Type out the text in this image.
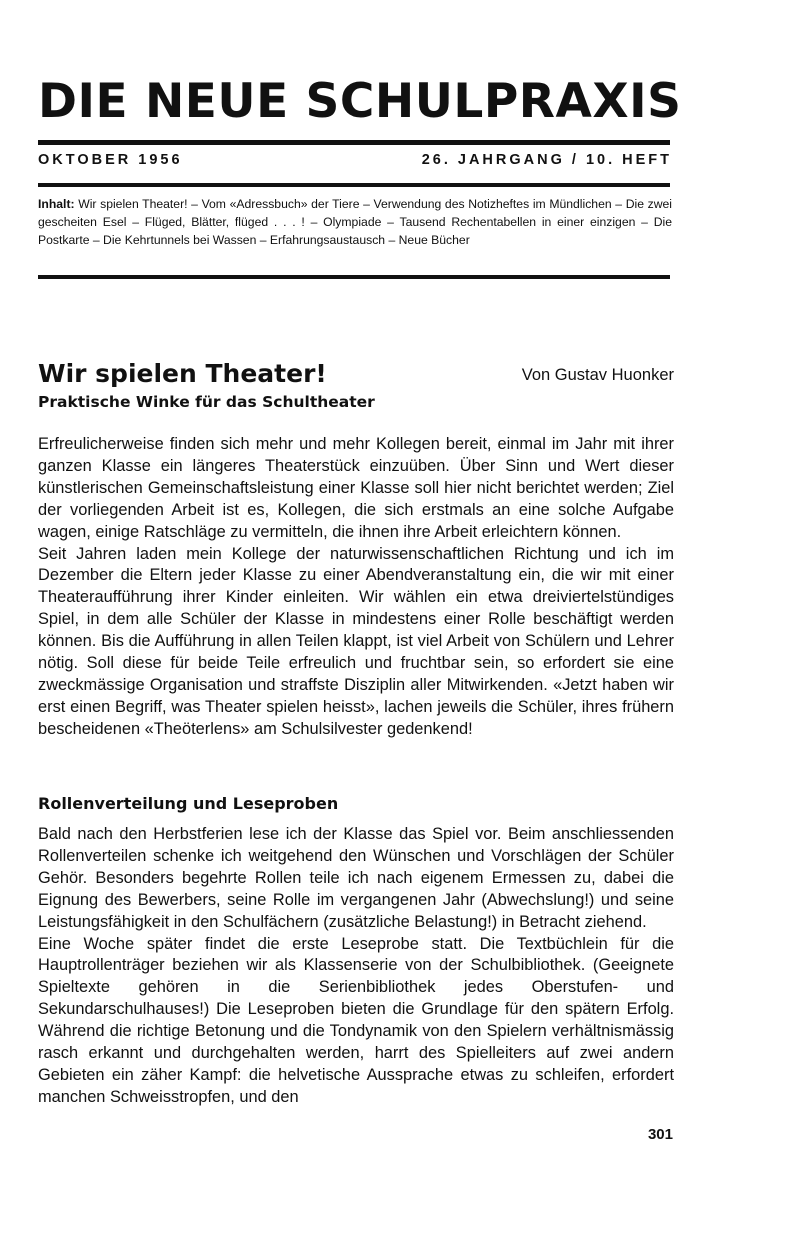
DIE NEUE SCHULPRAXIS
OKTOBER 1956	26. JAHRGANG / 10. HEFT
Inhalt: Wir spielen Theater! – Vom «Adressbuch» der Tiere – Verwendung des Notizheftes im Mündlichen – Die zwei gescheiten Esel – Flüged, Blätter, flüged . . . ! – Olympiade – Tausend Rechentabellen in einer einzigen – Die Postkarte – Die Kehrtunnels bei Wassen – Erfahrungsaustausch – Neue Bücher
Wir spielen Theater!	Von Gustav Huonker
Praktische Winke für das Schultheater

Erfreulicherweise finden sich mehr und mehr Kollegen bereit, einmal im Jahr mit ihrer ganzen Klasse ein längeres Theaterstück einzuüben. Über Sinn und Wert dieser künstlerischen Gemeinschaftsleistung einer Klasse soll hier nicht berichtet werden; Ziel der vorliegenden Arbeit ist es, Kollegen, die sich erstmals an eine solche Aufgabe wagen, einige Ratschläge zu vermitteln, die ihnen ihre Arbeit erleichtern können.

Seit Jahren laden mein Kollege der naturwissenschaftlichen Richtung und ich im Dezember die Eltern jeder Klasse zu einer Abendveranstaltung ein, die wir mit einer Theateraufführung ihrer Kinder einleiten. Wir wählen ein etwa dreiviertelstündiges Spiel, in dem alle Schüler der Klasse in mindestens einer Rolle beschäftigt werden können. Bis die Aufführung in allen Teilen klappt, ist viel Arbeit von Schülern und Lehrer nötig. Soll diese für beide Teile erfreulich und fruchtbar sein, so erfordert sie eine zweckmässige Organisation und straffste Disziplin aller Mitwirkenden. «Jetzt haben wir erst einen Begriff, was Theater spielen heisst», lachen jeweils die Schüler, ihres frühern bescheidenen «Theöterlens» am Schulsilvester gedenkend!

Rollenverteilung und Leseproben

Bald nach den Herbstferien lese ich der Klasse das Spiel vor. Beim anschliessenden Rollenverteilen schenke ich weitgehend den Wünschen und Vorschlägen der Schüler Gehör. Besonders begehrte Rollen teile ich nach eigenem Ermessen zu, dabei die Eignung des Bewerbers, seine Rolle im vergangenen Jahr (Abwechslung!) und seine Leistungsfähigkeit in den Schulfächern (zusätzliche Belastung!) in Betracht ziehend.

Eine Woche später findet die erste Leseprobe statt. Die Textbüchlein für die Hauptrollenträger beziehen wir als Klassenserie von der Schulbibliothek. (Geeignete Spieltexte gehören in die Serienbibliothek jedes Oberstufen- und Sekundarschulhauses!) Die Leseproben bieten die Grundlage für den spätern Erfolg. Während die richtige Betonung und die Tondynamik von den Spielern verhältnismässig rasch erkannt und durchgehalten werden, harrt des Spielleiters auf zwei andern Gebieten ein zäher Kampf: die helvetische Aussprache etwas zu schleifen, erfordert manchen Schweisstropfen, und den

301
